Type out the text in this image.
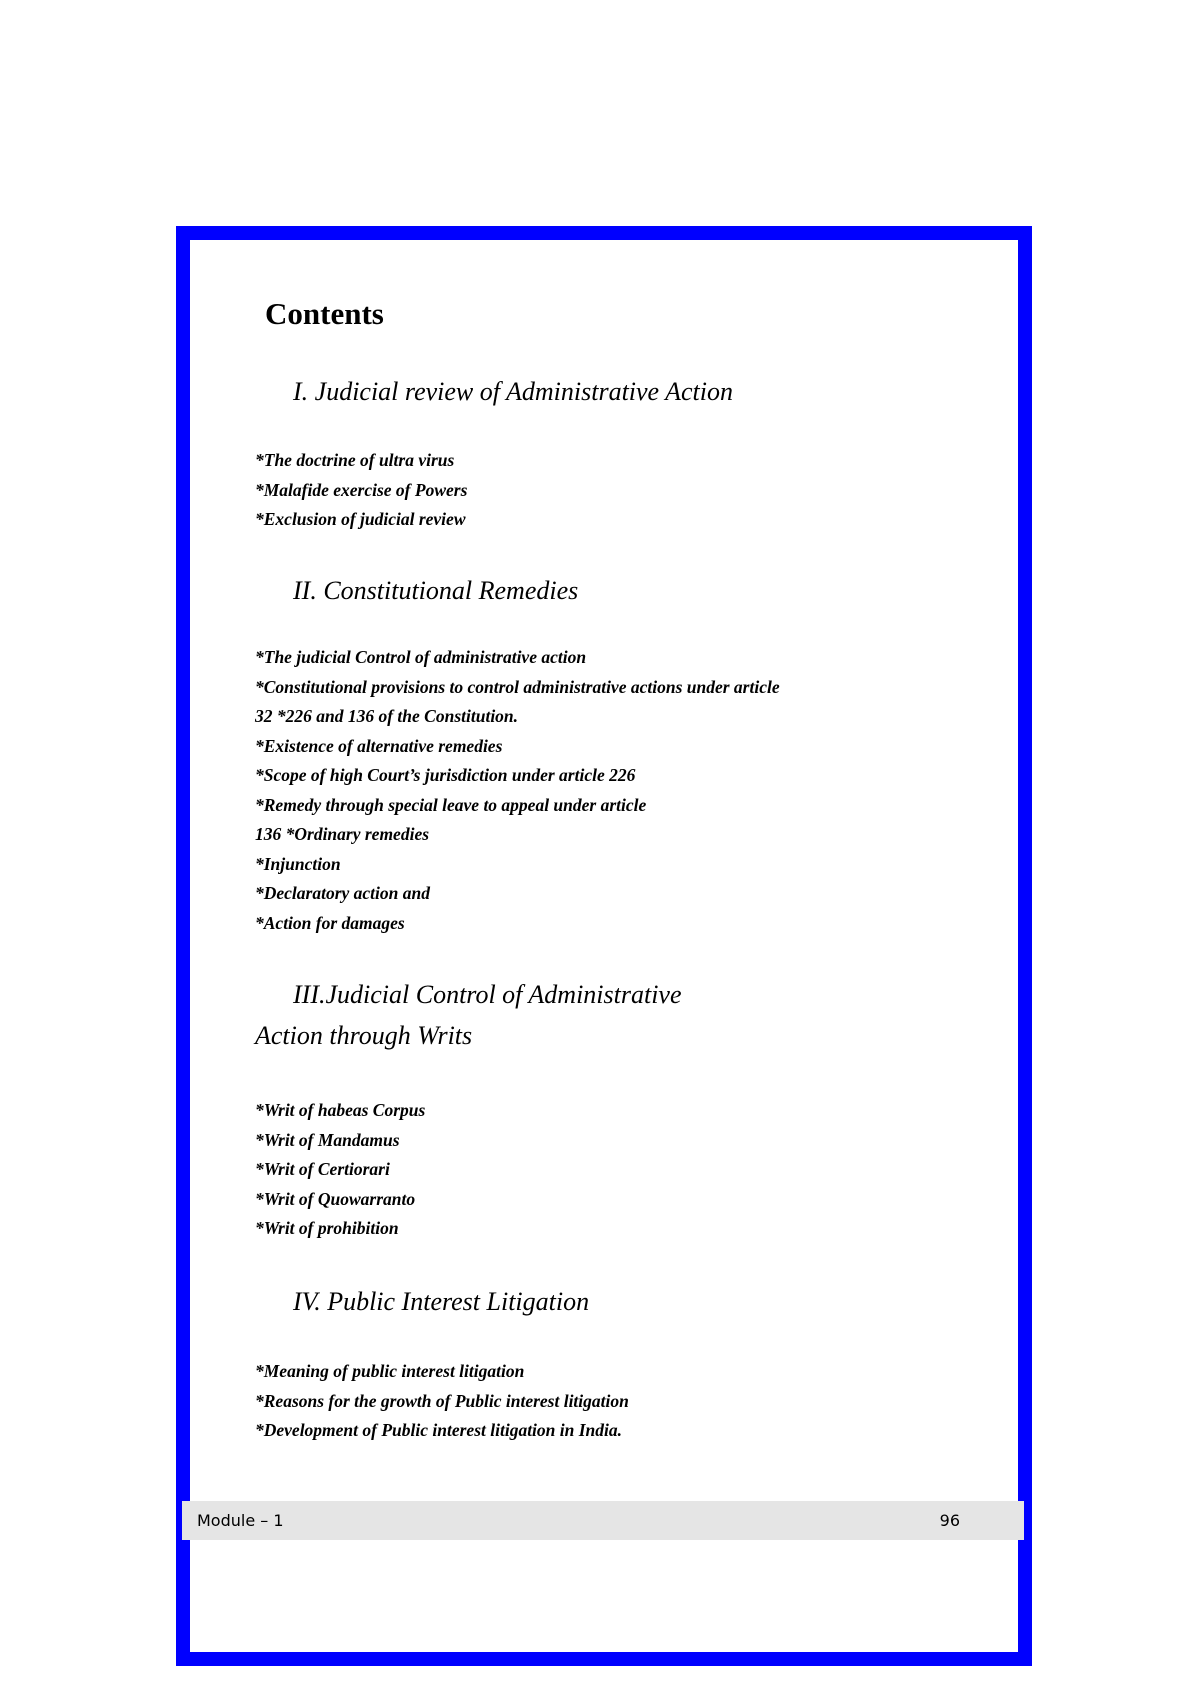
Contents
I. Judicial review of Administrative Action
*The doctrine of ultra virus
*Malafide exercise of Powers
*Exclusion of judicial review
II. Constitutional Remedies
*The judicial Control of administrative action
*Constitutional provisions to control administrative actions under article
32 *226 and 136 of the Constitution.
*Existence of alternative remedies
*Scope of high Court’s jurisdiction under article 226
*Remedy through special leave to appeal under article
136 *Ordinary remedies
*Injunction
*Declaratory action and
*Action for damages
III.Judicial Control of Administrative
Action through Writs
*Writ of habeas Corpus
*Writ of Mandamus
*Writ of Certiorari
*Writ of Quowarranto
*Writ of prohibition
IV. Public Interest Litigation
*Meaning of public interest litigation
*Reasons for the growth of Public interest litigation
*Development of Public interest litigation in India.
Module – 1	96
